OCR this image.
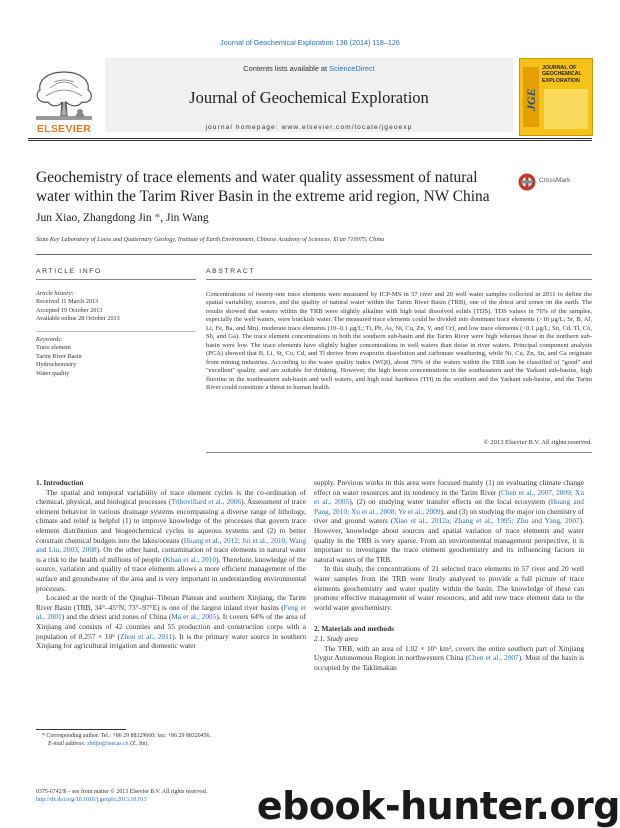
Journal of Geochemical Exploration 136 (2014) 118–126
ELSEVIER
Contents lists available at ScienceDirect
Journal of Geochemical Exploration
journal homepage: www.elsevier.com/locate/jgeoexp
JOURNAL OF
GEOCHEMICAL
EXPLORATION
JGE
Geochemistry of trace elements and water quality assessment of natural water within the Tarim River Basin in the extreme arid region, NW China
CrossMark
Jun Xiao, Zhangdong Jin *, Jin Wang
State Key Laboratory of Loess and Quaternary Geology, Institute of Earth Environment, Chinese Academy of Sciences, Xi'an 710075, China
ARTICLE INFO	ABSTRACT
Article history:
Received 11 March 2013
Accepted 19 October 2013
Available online 28 October 2013
Keywords:
Trace element
Tarim River Basin
Hydrochemistry
Water quality
Concentrations of twenty-one trace elements were measured by ICP-MS in 57 river and 20 well water samples collected in 2011 to define the spatial variability, sources, and the quality of natural water within the Tarim River Basin (TRB), one of the driest arid zones on the earth. The results showed that waters within the TRB were slightly alkaline with high total dissolved solids (TDS). TDS values in 76% of the samples, especially the well waters, were brackish water. The measured trace elements could be divided into dominant trace elements (>10 μg/L; Sr, B, Al, Li, Fe, Ba, and Mn), moderate trace elements (10–0.1 μg/L; Ti, Pb, As, Ni, Cu, Zn, V, and Cr), and low trace elements (<0.1 μg/L; Sn, Cd, Tl, Co, Sb, and Ga). The trace element concentrations in both the southern sub-basin and the Tarim River were high whereas those in the northern sub-basin were low. The trace elements have slightly higher concentrations in well waters than those in river waters. Principal component analysis (PCA) showed that B, Li, Sr, Co, Cd, and Tl derive from evaporite dissolution and carbonate weathering, while Ni, Cu, Zn, Sn, and Ga originate from mining industries. According to the water quality index (WQI), about 79% of the waters within the TRB can be classified of "good" and "excellent" quality, and are suitable for drinking. However, the high boron concentrations in the southeastern and the Yarkant sub-basins, high fluorine in the southeastern sub-basin and well waters, and high total hardness (TH) in the southern and the Yarkant sub-basins, and the Tarim River could constitute a threat to human health.
© 2013 Elsevier B.V. All rights reserved.

1. Introduction

The spatial and temporal variability of trace element cycles is the co-ordination of chemical, physical, and biological processes (Tribovillard et al., 2006). Assessment of trace element behavior in various drainage systems encompassing a diverse range of lithology, climate and relief is helpful (1) to improve knowledge of the processes that govern trace element distribution and biogeochemical cycles in aqueous systems and (2) to better constrain chemical budgets into the lakes/oceans (Huang et al., 2012; Jin et al., 2010; Wang and Liu, 2003, 2008). On the other hand, contamination of trace elements in natural water is a risk to the health of millions of people (Khan et al., 2010). Therefore, knowledge of the source, variation and quality of trace elements allows a more efficient management of the surface and groundwater of the area and is very important in understanding environmental processes.

Located at the north of the Qinghai–Tibetan Plateau and southern Xinjiang, the Tarim River Basin (TRB, 34°–45°N, 73°–97°E) is one of the largest inland river basins (Feng et al., 2001) and the driest arid zones of China (Ma et al., 2005). It covers 64% of the area of Xinjiang and consists of 42 counties and 55 production and construction corps with a population of 8.257 × 10⁶ (Zhou et al., 2011). It is the primary water source in southern Xinjiang for agricultural irrigation and domestic water

supply. Previous works in this area were focused mainly (1) on evaluating climate change effect on water resources and its tendency in the Tarim River (Chen et al., 2007, 2009; Xu et al., 2005), (2) on studying water transfer effects on the local ecosystem (Huang and Pang, 2010; Xu et al., 2008; Ye et al., 2009), and (3) on studying the major ion chemistry of river and ground waters (Xiao et al., 2012a; Zhang et al., 1995; Zhu and Yang, 2007). However, knowledge about sources and spatial variation of trace elements and water quality in the TRB is very sparse. From an environmental management perspective, it is important to investigate the trace element geochemistry and its influencing factors in natural waters of the TRB.

In this study, the concentrations of 21 selected trace elements in 57 river and 20 well water samples from the TRB were firstly analyzed to provide a full picture of trace elements geochemistry and water quality within the basin. The knowledge of these can promote effective management of water resources, and add new trace element data to the world water geochemistry.

2. Materials and methods

2.1. Study area

The TRB, with an area of 1.02 × 10⁶ km², covers the entire southern part of Xinjiang Uygur Autonomous Region in northwestern China (Chen et al., 2007). Most of the basin is occupied by the Taklimakan

* Corresponding author. Tel.: +86 29 88329660; fax: +86 29 88320456.
E-mail address: zhdjin@ieecas.cn (Z. Jin).
0375-6742/$ – see front matter © 2013 Elsevier B.V. All rights reserved.
http://dx.doi.org/10.1016/j.gexplo.2013.10.013	ebook-hunter.org
